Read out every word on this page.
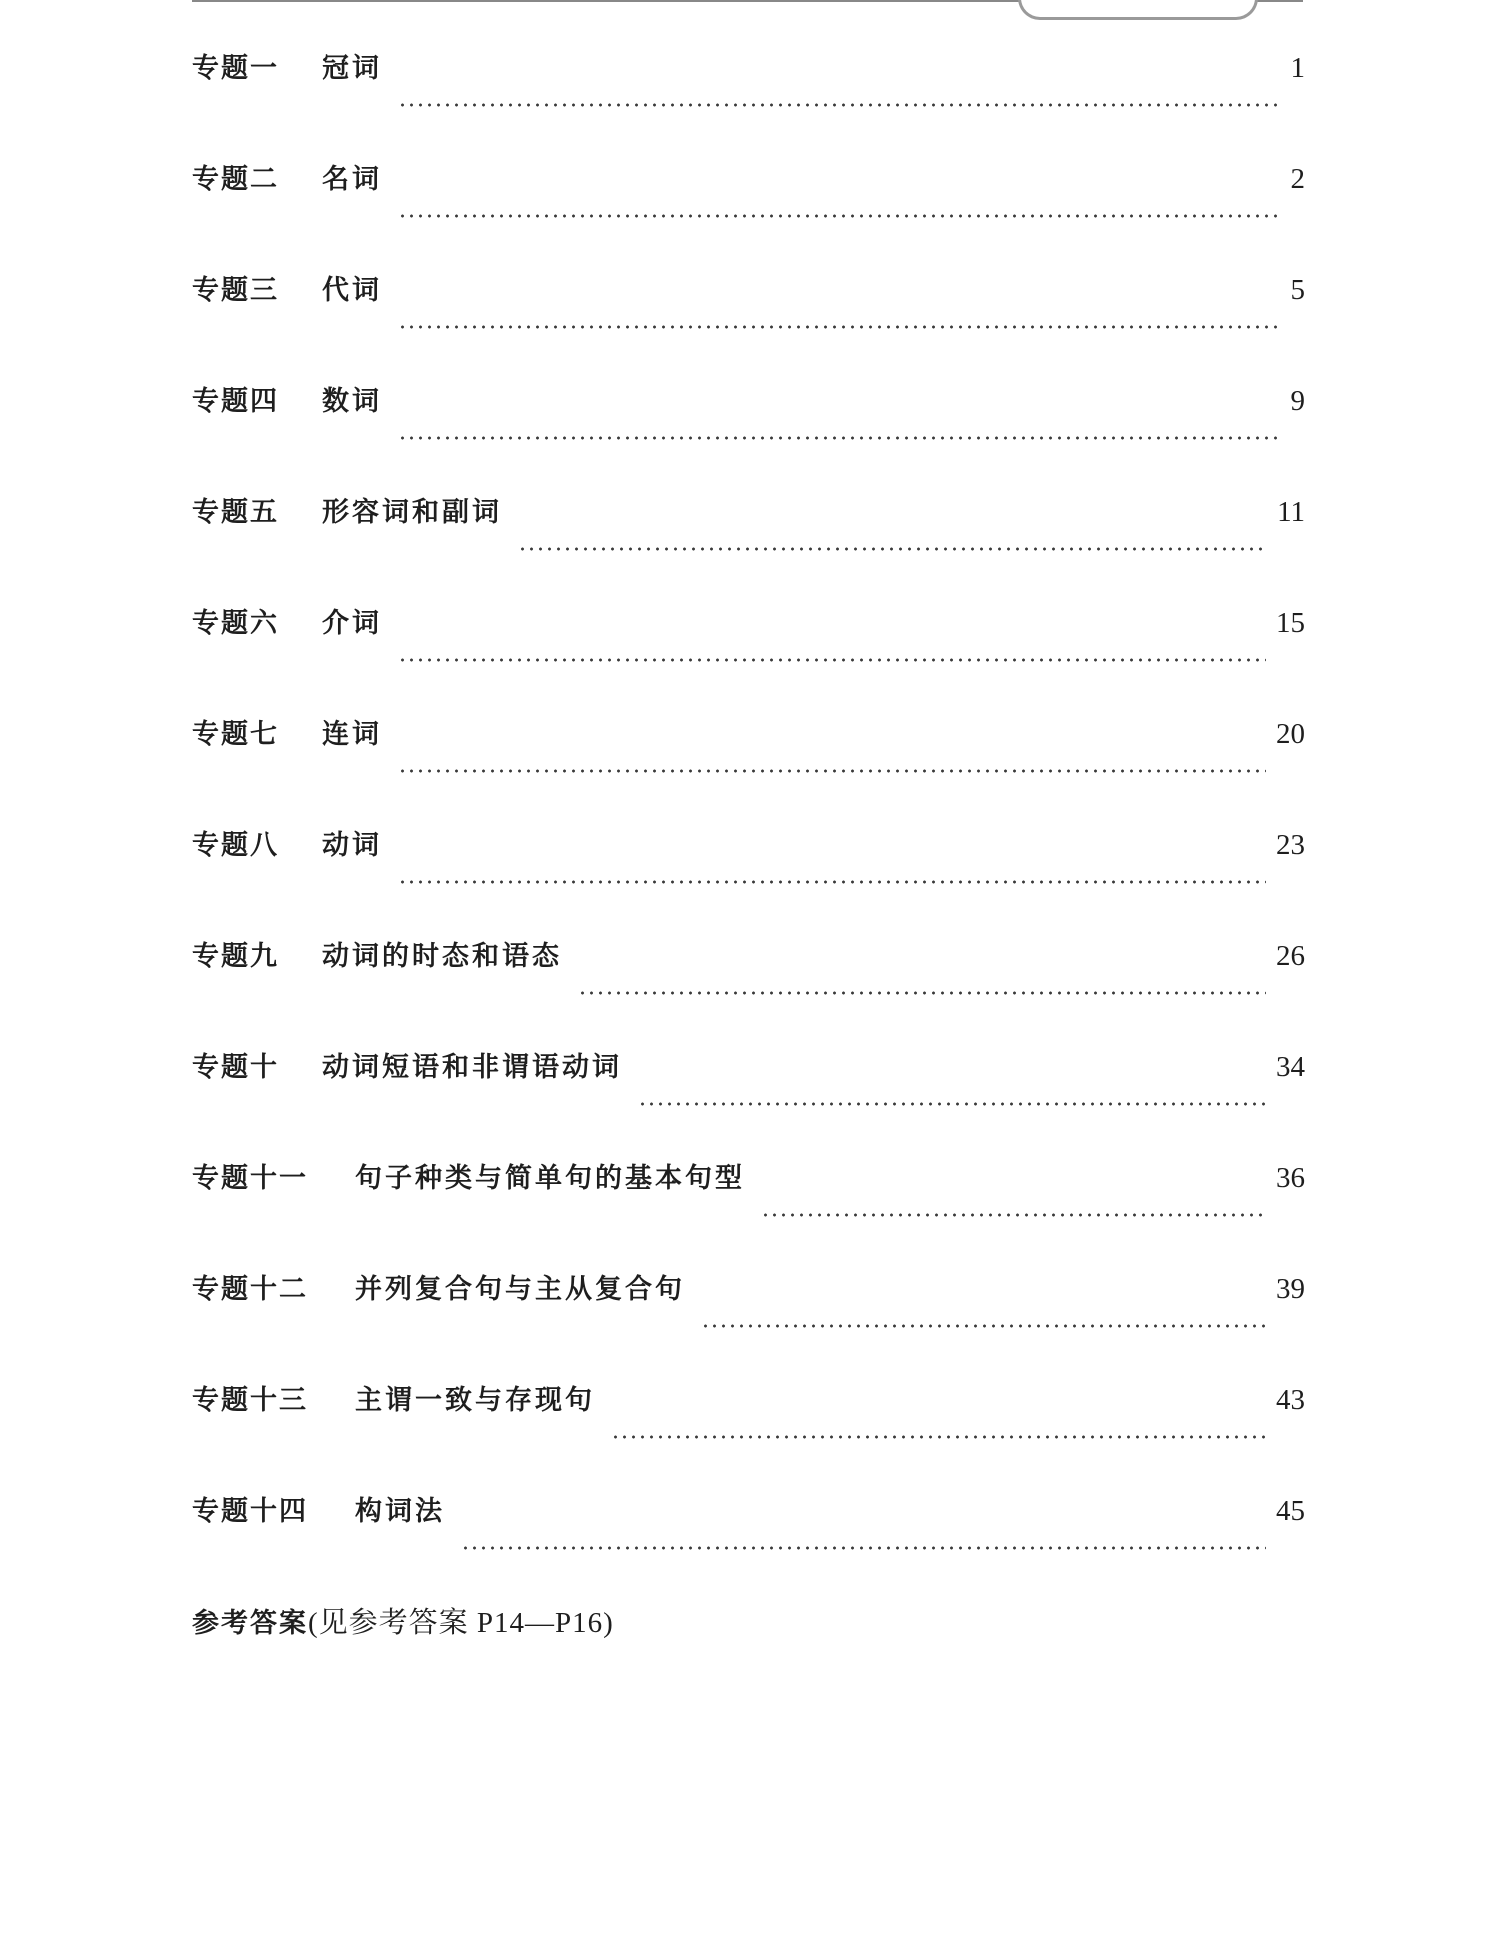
专题一	冠词	1
专题二	名词	2
专题三	代词	5
专题四	数词	9
专题五	形容词和副词	11
专题六	介词	15
专题七	连词	20
专题八	动词	23
专题九	动词的时态和语态	26
专题十	动词短语和非谓语动词	34
专题十一	句子种类与简单句的基本句型	36
专题十二	并列复合句与主从复合句	39
专题十三	主谓一致与存现句	43
专题十四	构词法	45
参考答案(见参考答案 P14—P16)
